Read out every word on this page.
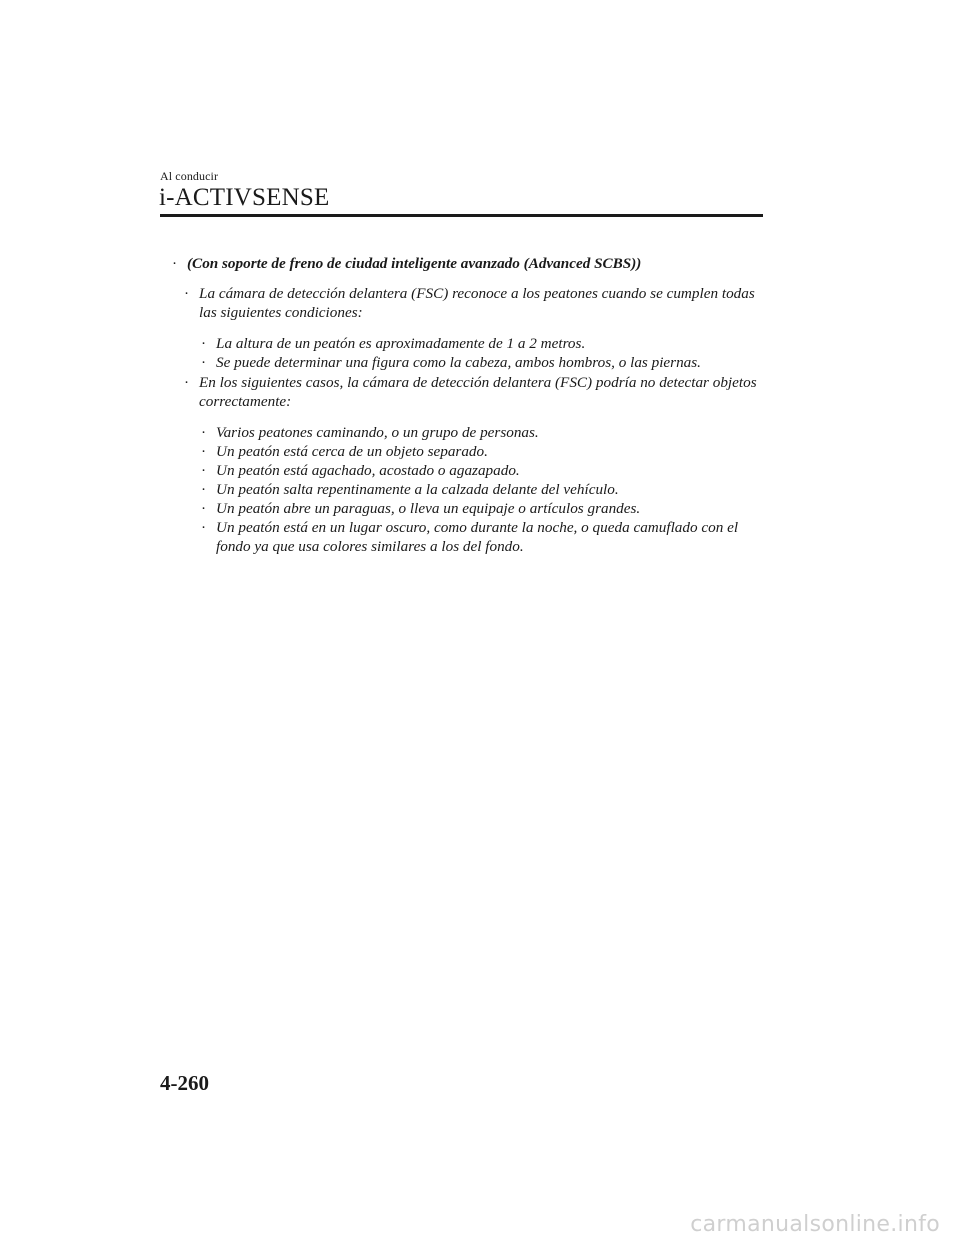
Al conducir
i-ACTIVSENSE
· (Con soporte de freno de ciudad inteligente avanzado (Advanced SCBS))
· La cámara de detección delantera (FSC) reconoce a los peatones cuando se cumplen todas las siguientes condiciones:
· La altura de un peatón es aproximadamente de 1 a 2 metros.
· Se puede determinar una figura como la cabeza, ambos hombros, o las piernas.
· En los siguientes casos, la cámara de detección delantera (FSC) podría no detectar objetos correctamente:
· Varios peatones caminando, o un grupo de personas.
· Un peatón está cerca de un objeto separado.
· Un peatón está agachado, acostado o agazapado.
· Un peatón salta repentinamente a la calzada delante del vehículo.
· Un peatón abre un paraguas, o lleva un equipaje o artículos grandes.
· Un peatón está en un lugar oscuro, como durante la noche, o queda camuflado con el fondo ya que usa colores similares a los del fondo.
4-260
carmanualsonline.info
